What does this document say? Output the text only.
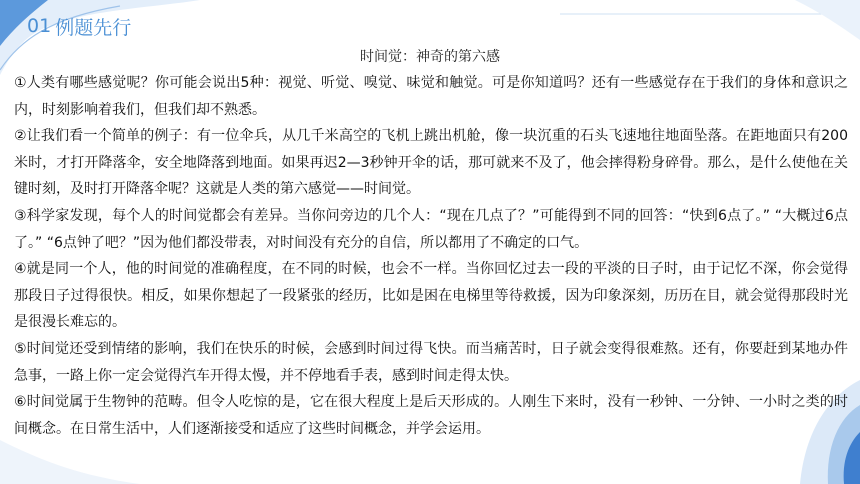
01 例题先行
时间觉：神奇的第六感

①人类有哪些感觉呢？你可能会说出5种：视觉、听觉、嗅觉、味觉和触觉。可是你知道吗？还有一些感觉存在于我们的身体和意识之内，时刻影响着我们，但我们却不熟悉。

②让我们看一个简单的例子：有一位伞兵，从几千米高空的飞机上跳出机舱，像一块沉重的石头飞速地往地面坠落。在距地面只有200米时，才打开降落伞，安全地降落到地面。如果再迟2—3秒钟开伞的话，那可就来不及了，他会摔得粉身碎骨。那么，是什么使他在关键时刻，及时打开降落伞呢？这就是人类的第六感觉——时间觉。

③科学家发现，每个人的时间觉都会有差异。当你问旁边的几个人：“现在几点了？”可能得到不同的回答：“快到6点了。” “大概过6点了。” “6点钟了吧？”因为他们都没带表，对时间没有充分的自信，所以都用了不确定的口气。

④就是同一个人，他的时间觉的准确程度，在不同的时候，也会不一样。当你回忆过去一段的平淡的日子时，由于记忆不深，你会觉得那段日子过得很快。相反，如果你想起了一段紧张的经历，比如是困在电梯里等待救援，因为印象深刻，历历在目，就会觉得那段时光是很漫长难忘的。

⑤时间觉还受到情绪的影响，我们在快乐的时候，会感到时间过得飞快。而当痛苦时，日子就会变得很难熬。还有，你要赶到某地办件急事，一路上你一定会觉得汽车开得太慢，并不停地看手表，感到时间走得太快。

⑥时间觉属于生物钟的范畴。但令人吃惊的是，它在很大程度上是后天形成的。人刚生下来时，没有一秒钟、一分钟、一小时之类的时间概念。在日常生活中，人们逐渐接受和适应了这些时间概念，并学会运用。
